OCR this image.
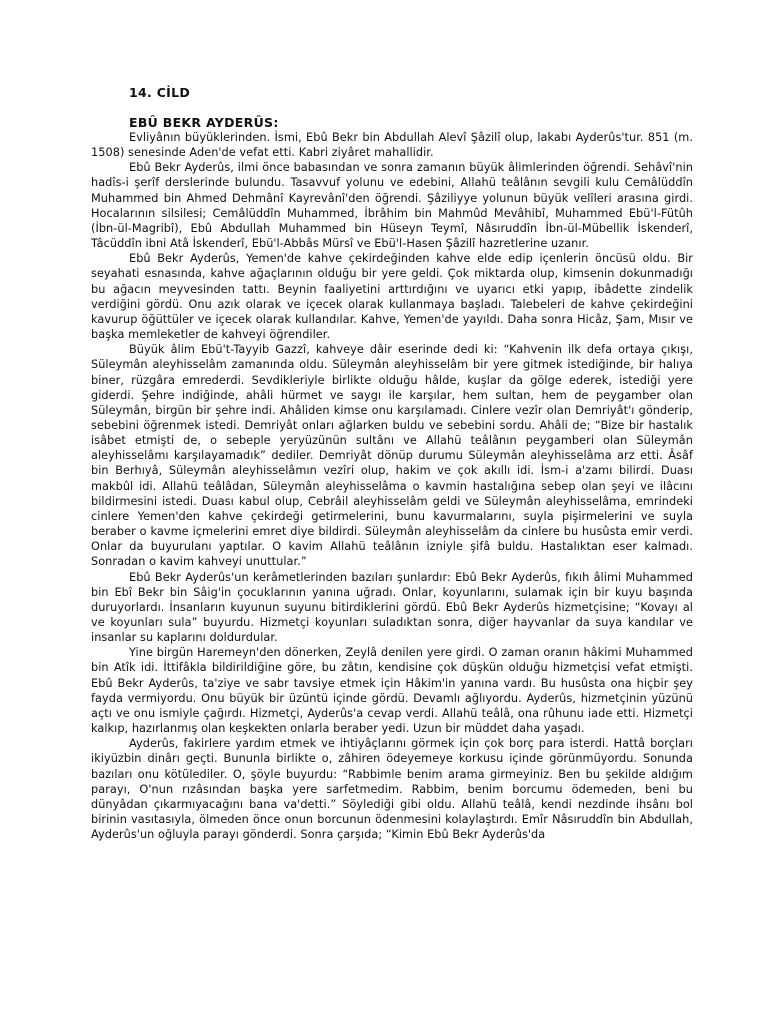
14. CİLD
EBÛ BEKR AYDERÛS:

Evliyânın büyüklerinden. İsmi, Ebû Bekr bin Abdullah Alevî Şâzilî olup, lakabı Ayderûs'tur. 851 (m. 1508) senesinde Aden'de vefat etti. Kabri ziyâret mahallidir.

Ebû Bekr Ayderûs, ilmi önce babasından ve sonra zamanın büyük âlimlerinden öğrendi. Sehâvî'nin hadîs-i şerîf derslerinde bulundu. Tasavvuf yolunu ve edebini, Allahü teâlânın sevgili kulu Cemâlüddîn Muhammed bin Ahmed Dehmânî Kayrevânî'den öğrendi. Şâziliyye yolunun büyük velîleri arasına girdi. Hocalarının silsilesi; Cemâlüddîn Muhammed, İbrâhim bin Mahmûd Mevâhibî, Muhammed Ebü'l-Fütûh (İbn-ül-Magribî), Ebû Abdullah Muhammed bin Hüseyn Teymî, Nâsıruddîn İbn-ül-Mübellik İskenderî, Tâcüddîn ibni Atâ İskenderî, Ebü'l-Abbâs Mürsî ve Ebü'l-Hasen Şâzilî hazretlerine uzanır.

Ebû Bekr Ayderûs, Yemen'de kahve çekirdeğinden kahve elde edip içenlerin öncüsü oldu. Bir seyahati esnasında, kahve ağaçlarının olduğu bir yere geldi. Çok miktarda olup, kimsenin dokunmadığı bu ağacın meyvesinden tattı. Beynin faaliyetini arttırdığını ve uyarıcı etki yapıp, ibâdette zindelik verdiğini gördü. Onu azık olarak ve içecek olarak kullanmaya başladı. Talebeleri de kahve çekirdeğini kavurup öğüttüler ve içecek olarak kullandılar. Kahve, Yemen'de yayıldı. Daha sonra Hicâz, Şam, Mısır ve başka memleketler de kahveyi öğrendiler.

Büyük âlim Ebü't-Tayyib Gazzî, kahveye dâir eserinde dedi ki: “Kahvenin ilk defa ortaya çıkışı, Süleymân aleyhisselâm zamanında oldu. Süleymân aleyhisselâm bir yere gitmek istediğinde, bir halıya biner, rüzgâra emrederdi. Sevdikleriyle birlikte olduğu hâlde, kuşlar da gölge ederek, istediği yere giderdi. Şehre indiğinde, ahâli hürmet ve saygı ile karşılar, hem sultan, hem de peygamber olan Süleymân, birgün bir şehre indi. Ahâliden kimse onu karşılamadı. Cinlere vezîr olan Demriyât'ı gönderip, sebebini öğrenmek istedi. Demriyât onları ağlarken buldu ve sebebini sordu. Ahâli de; “Bize bir hastalık isâbet etmişti de, o sebeple yeryüzünün sultânı ve Allahü teâlânın peygamberi olan Süleymân aleyhisselâmı karşılayamadık” dediler. Demriyât dönüp durumu Süleymân aleyhisselâma arz etti. Âsâf bin Berhıyâ, Süleymân aleyhisselâmın vezîri olup, hakim ve çok akıllı idi. İsm-i a'zamı bilirdi. Duası makbûl idi. Allahü teâlâdan, Süleymân aleyhisselâma o kavmin hastalığına sebep olan şeyi ve ilâcını bildirmesini istedi. Duası kabul olup, Cebrâil aleyhisselâm geldi ve Süleymân aleyhisselâma, emrindeki cinlere Yemen'den kahve çekirdeği getirmelerini, bunu kavurmalarını, suyla pişirmelerini ve suyla beraber o kavme içmelerini emret diye bildirdi. Süleymân aleyhisselâm da cinlere bu husûsta emir verdi. Onlar da buyurulanı yaptılar. O kavim Allahü teâlânın izniyle şifâ buldu. Hastalıktan eser kalmadı. Sonradan o kavim kahveyi unuttular.”

Ebû Bekr Ayderûs'un kerâmetlerinden bazıları şunlardır: Ebû Bekr Ayderûs, fıkıh âlimi Muhammed bin Ebî Bekr bin Sâig'in çocuklarının yanına uğradı. Onlar, koyunlarını, sulamak için bir kuyu başında duruyorlardı. İnsanların kuyunun suyunu bitirdiklerini gördü. Ebû Bekr Ayderûs hizmetçisine; “Kovayı al ve koyunları sula” buyurdu. Hizmetçi koyunları suladıktan sonra, diğer hayvanlar da suya kandılar ve insanlar su kaplarını doldurdular.

Yine birgün Haremeyn'den dönerken, Zeylâ denilen yere girdi. O zaman oranın hâkimi Muhammed bin Atîk idi. İttifâkla bildirildiğine göre, bu zâtın, kendisine çok düşkün olduğu hizmetçisi vefat etmişti. Ebû Bekr Ayderûs, ta'ziye ve sabr tavsiye etmek için Hâkim'in yanına vardı. Bu husûsta ona hiçbir şey fayda vermiyordu. Onu büyük bir üzüntü içinde gördü. Devamlı ağlıyordu. Ayderûs, hizmetçinin yüzünü açtı ve onu ismiyle çağırdı. Hizmetçi, Ayderûs'a cevap verdi. Allahü teâlâ, ona rûhunu iade etti. Hizmetçi kalkıp, hazırlanmış olan keşkekten onlarla beraber yedi. Uzun bir müddet daha yaşadı.

Ayderûs, fakirlere yardım etmek ve ihtiyâçlarını görmek için çok borç para isterdi. Hattâ borçları ikiyüzbin dinârı geçti. Bununla birlikte o, zâhiren ödeyemeye korkusu içinde görünmüyordu. Sonunda bazıları onu kötülediler. O, şöyle buyurdu: “Rabbimle benim arama girmeyiniz. Ben bu şekilde aldığım parayı, O'nun rızâsından başka yere sarfetmedim. Rabbim, benim borcumu ödemeden, beni bu dünyâdan çıkarmıyacağını bana va'detti.” Söylediği gibi oldu. Allahü teâlâ, kendi nezdinde ihsânı bol birinin vasıtasıyla, ölmeden önce onun borcunun ödenmesini kolaylaştırdı. Emîr Nâsıruddîn bin Abdullah, Ayderûs'un oğluyla parayı gönderdi. Sonra çarşıda; “Kimin Ebû Bekr Ayderûs'da
